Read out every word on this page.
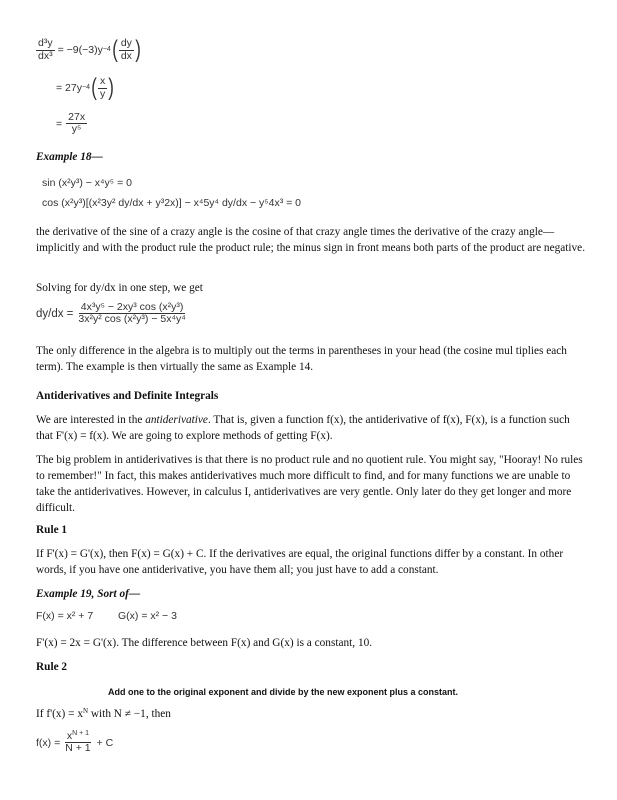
$\frac{\text{d³y}}{\text{dx³}} = -9(-3)y -4$ ( $\frac{dy}{dx}$ )
= 27y −4 ( $\frac{x}{y}$ )
= $\frac{27x}{\text{y⁵}}$
Example 18—
sin (x²y³) − x⁴y⁵ = 0
cos (x²y³)[(x²3y² dy/dx + y³2x)] − x⁴5y⁴ dy/dx − y⁵4x³ = 0
the derivative of the sine of a crazy angle is the cosine of that crazy angle times the derivative of the crazy angle— implicitly and with the product rule the product rule; the minus sign in front means both parts of the product are negative.
Solving for dy/dx in one step, we get
$dy/dx = \frac{\text{4x³y⁵ − 2xy³ cos (x²y³)}}{\text{3x²y² cos (x²y³) − 5x⁴y⁴}}$
The only difference in the algebra is to multiply out the terms in parentheses in your head (the cosine mul tiplies each term). The example is then virtually the same as Example 14.
Antiderivatives and Definite Integrals
We are interested in the antiderivative. That is, given a function f(x), the antiderivative of f(x), F(x), is a function such that F'(x) = f(x). We are going to explore methods of getting F(x).
The big problem in antiderivatives is that there is no product rule and no quotient rule. You might say, "Hooray! No rules to remember!" In fact, this makes antiderivatives much more difficult to find, and for many functions we are unable to take the antiderivatives. However, in calculus I, antiderivatives are very gentle. Only later do they get longer and more difficult.
Rule 1
If F'(x) = G'(x), then F(x) = G(x) + C. If the derivatives are equal, the original functions differ by a constant. In other words, if you have one antiderivative, you have them all; you just have to add a constant.
Example 19, Sort of—
F(x) = x² + 7 G(x) = x² − 3
F'(x) = 2x = G'(x). The difference between F(x) and G(x) is a constant, 10.
Rule 2
Add one to the original exponent and divide by the new exponent plus a constant.
If $f'(x) = x^N$ with N ≠ −1, then
$f(x) = \frac{x^{N + 1}}{N + 1} + C$
